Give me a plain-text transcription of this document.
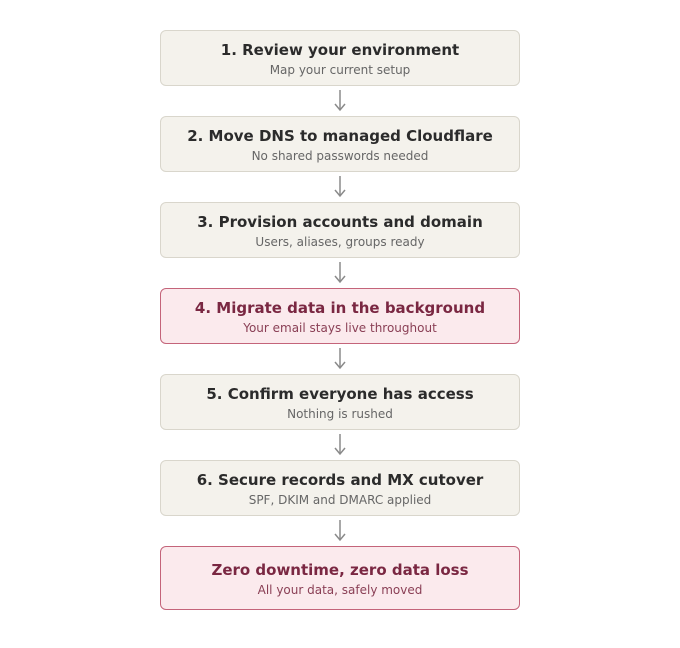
1. Review your environment
Map your current setup
2. Move DNS to managed Cloudflare
No shared passwords needed
3. Provision accounts and domain
Users, aliases, groups ready
4. Migrate data in the background
Your email stays live throughout
5. Confirm everyone has access
Nothing is rushed
6. Secure records and MX cutover
SPF, DKIM and DMARC applied
Zero downtime, zero data loss
All your data, safely moved
